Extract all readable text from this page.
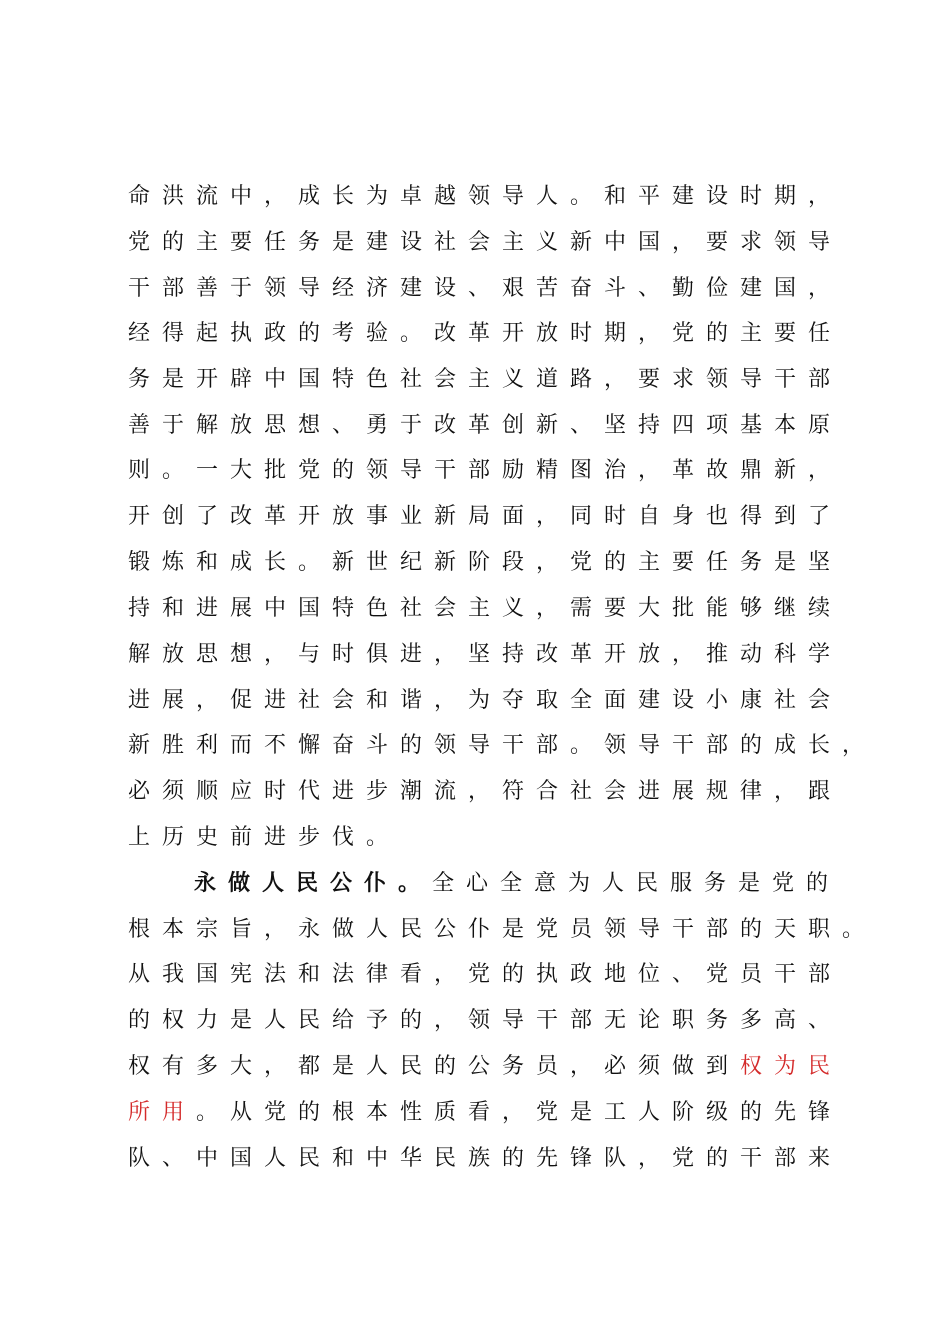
命洪流中，成长为卓越领导人。和平建设时期，
党的主要任务是建设社会主义新中国，要求领导
干部善于领导经济建设、艰苦奋斗、勤俭建国，
经得起执政的考验。改革开放时期，党的主要任
务是开辟中国特色社会主义道路，要求领导干部
善于解放思想、勇于改革创新、坚持四项基本原
则。一大批党的领导干部励精图治，革故鼎新，
开创了改革开放事业新局面，同时自身也得到了
锻炼和成长。新世纪新阶段，党的主要任务是坚
持和进展中国特色社会主义，需要大批能够继续
解放思想，与时俱进，坚持改革开放，推动科学
进展，促进社会和谐，为夺取全面建设小康社会
新胜利而不懈奋斗的领导干部。领导干部的成长，
必须顺应时代进步潮流，符合社会进展规律，跟
上历史前进步伐。
永做人民公仆。全心全意为人民服务是党的
根本宗旨，永做人民公仆是党员领导干部的天职。
从我国宪法和法律看，党的执政地位、党员干部
的权力是人民给予的，领导干部无论职务多高、
权有多大，都是人民的公务员，必须做到权为民
所用。从党的根本性质看，党是工人阶级的先锋
队、中国人民和中华民族的先锋队，党的干部来
